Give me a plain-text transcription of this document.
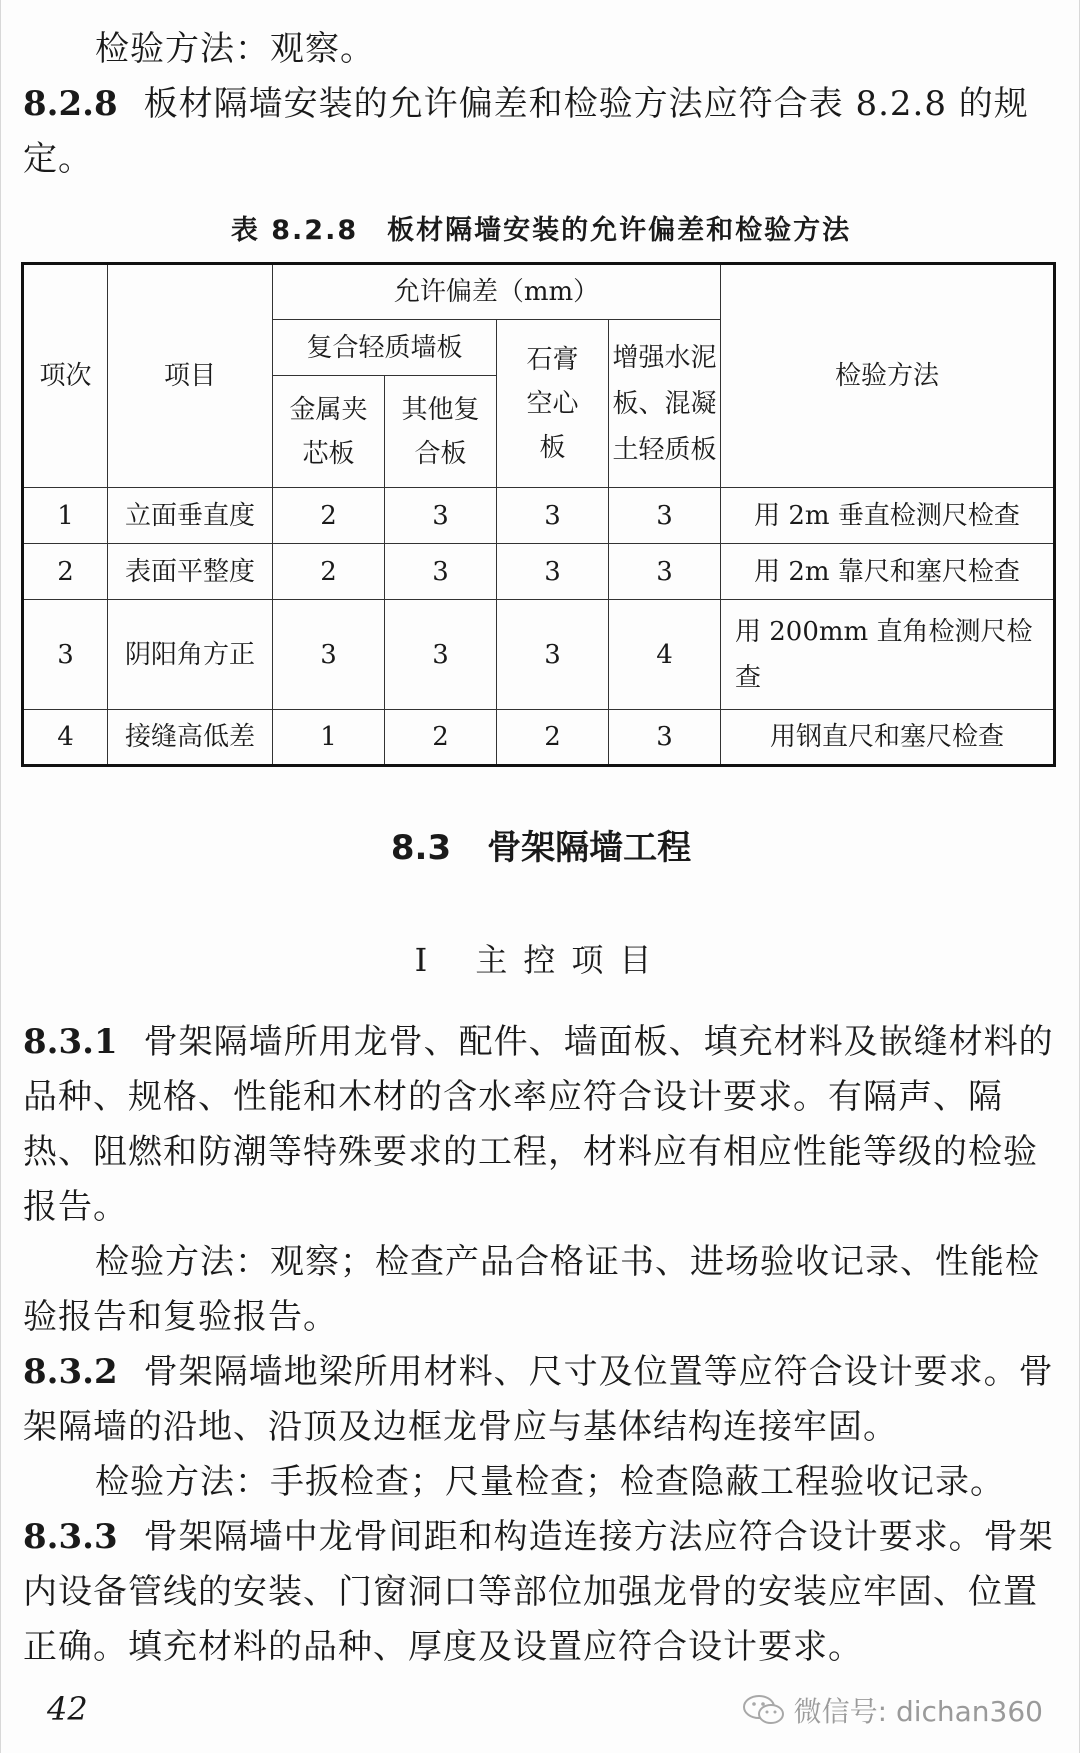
检验方法：观察。

8.2.8 板材隔墙安装的允许偏差和检验方法应符合表 8.2.8 的规定。

表 8.2.8　板材隔墙安装的允许偏差和检验方法
项次	项目	允许偏差（mm）				检验方法
		复合轻质墙板		石膏空心板	增强水泥板、混凝土轻质板	
		金属夹芯板	其他复合板			
1	立面垂直度	2	3	3	3	用 2m 垂直检测尺检查
2	表面平整度	2	3	3	3	用 2m 靠尺和塞尺检查
3	阴阳角方正	3	3	3	4	用 200mm 直角检测尺检查
4	接缝高低差	1	2	2	3	用钢直尺和塞尺检查
8.3 骨架隔墙工程
Ⅰ 主控项目

8.3.1 骨架隔墙所用龙骨、配件、墙面板、填充材料及嵌缝材料的品种、规格、性能和木材的含水率应符合设计要求。有隔声、隔热、阻燃和防潮等特殊要求的工程，材料应有相应性能等级的检验报告。

检验方法：观察；检查产品合格证书、进场验收记录、性能检验报告和复验报告。

8.3.2 骨架隔墙地梁所用材料、尺寸及位置等应符合设计要求。骨架隔墙的沿地、沿顶及边框龙骨应与基体结构连接牢固。

检验方法：手扳检查；尺量检查；检查隐蔽工程验收记录。

8.3.3 骨架隔墙中龙骨间距和构造连接方法应符合设计要求。骨架内设备管线的安装、门窗洞口等部位加强龙骨的安装应牢固、位置正确。填充材料的品种、厚度及设置应符合设计要求。

42	微信号: dichan360
